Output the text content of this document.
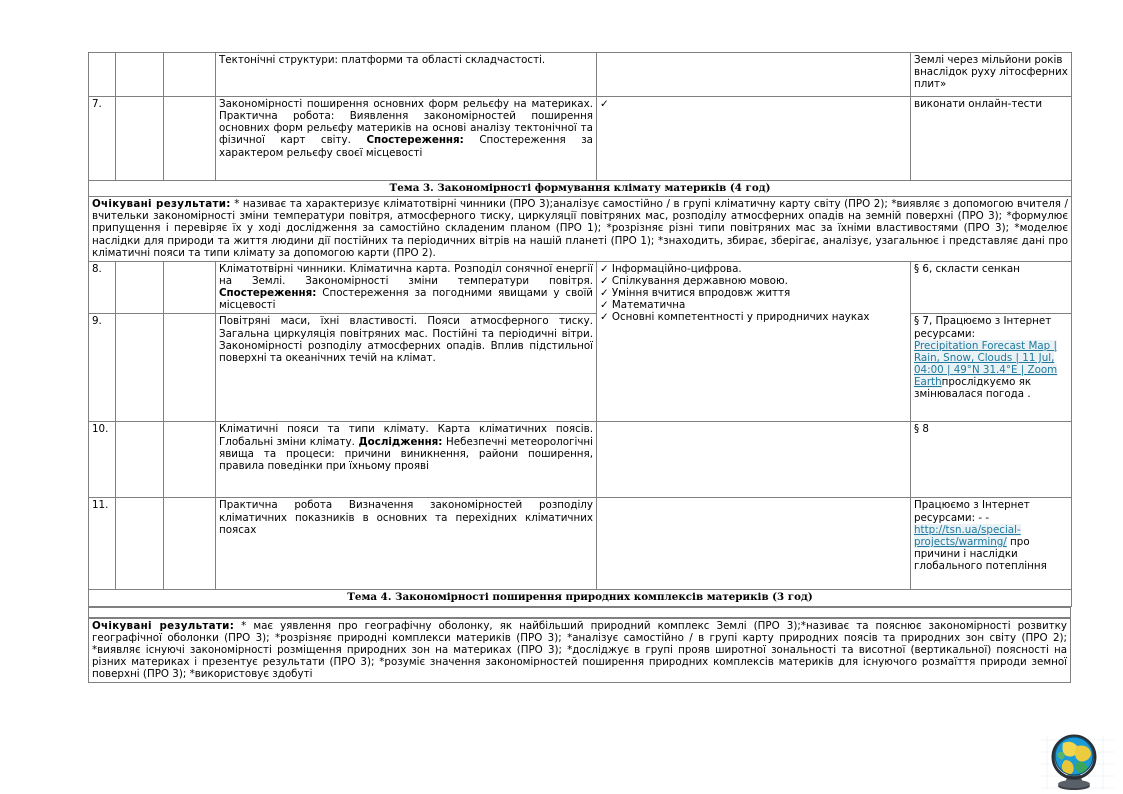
			Тектонічні структури: платформи та області складчастості.		Землі через мільйони років внаслідок руху літосферних плит»
7.			Закономірності поширення основних форм рельєфу на материках. Практична робота: Виявлення закономірностей поширення основних форм рельєфу материків на основі аналізу тектонічної та фізичної карт світу. Спостереження: Спостереження за характером рельєфу своєї місцевості	✓	виконати онлайн-тести
Тема 3. Закономірності формування клімату материків (4 год)					
Очікувані результати: * називає та характеризує кліматотвірні чинники (ПРО 3);аналізує самостійно / в групі кліматичну карту світу (ПРО 2); *виявляє з допомогою вчителя / вчительки закономірності зміни температури повітря, атмосферного тиску, циркуляції повітряних мас, розподілу атмосферних опадів на земній поверхні (ПРО 3); *формулює припущення і перевіряє їх у ході дослідження за самостійно складеним планом (ПРО 1); *розрізняє різні типи повітряних мас за їхніми властивостями (ПРО 3); *моделює наслідки для природи та життя людини дії постійних та періодичних вітрів на нашій планеті (ПРО 1); *знаходить, збирає, зберігає, аналізує, узагальнює і представляє дані про кліматичні пояси та типи клімату за допомогою карти (ПРО 2).					
8.			Кліматотвірні чинники. Кліматична карта. Розподіл сонячної енергії на Землі. Закономірності зміни температури повітря. Спостереження: Спостереження за погодними явищами у своїй місцевості	✓ Інформаційно-цифрова.
✓ Спілкування державною мовою.
✓ Уміння вчитися впродовж життя
✓ Математична
✓ Основні компетентності у природничих науках	§ 6, скласти сенкан
9.			Повітряні маси, їхні властивості. Пояси атмосферного тиску. Загальна циркуляція повітряних мас. Постійні та періодичні вітри. Закономірності розподілу атмосферних опадів. Вплив підстильної поверхні та океанічних течій на клімат.		§ 7, Працюємо з Інтернет ресурсами:
Precipitation Forecast Map | Rain, Snow, Clouds | 11 Jul, 04:00 | 49°N 31.4°E | Zoom Earthпрослідкуємо як змінювалася погода .
10.			Кліматичні пояси та типи клімату. Карта кліматичних поясів. Глобальні зміни клімату. Дослідження: Небезпечні метеорологічні явища та процеси: причини виникнення, райони поширення, правила поведінки при їхньому прояві		§ 8
11.			Практична робота Визначення закономірностей розподілу кліматичних показників в основних та перехідних кліматичних поясах		Працюємо з Інтернет ресурсами: - -
http://tsn.ua/special-projects/warming/ про причини і наслідки глобального потепління
Тема 4. Закономірності поширення природних комплексів материків (3 год)					
Очікувані результати: * має уявлення про географічну оболонку, як найбільший природний комплекс Землі (ПРО 3);*називає та пояснює закономірності розвитку географічної оболонки (ПРО 3); *розрізняє природні комплекси материків (ПРО 3); *аналізує самостійно / в групі карту природних поясів та природних зон світу (ПРО 2); *виявляє існуючі закономірності розміщення природних зон на материках (ПРО 3); *досліджує в групі прояв широтної зональності та висотної (вертикальної) поясності на різних материках і презентує результати (ПРО 3); *розуміє значення закономірностей поширення природних комплексів материків для існуючого розмаїття природи земної поверхні (ПРО 3); *використовує здобуті
